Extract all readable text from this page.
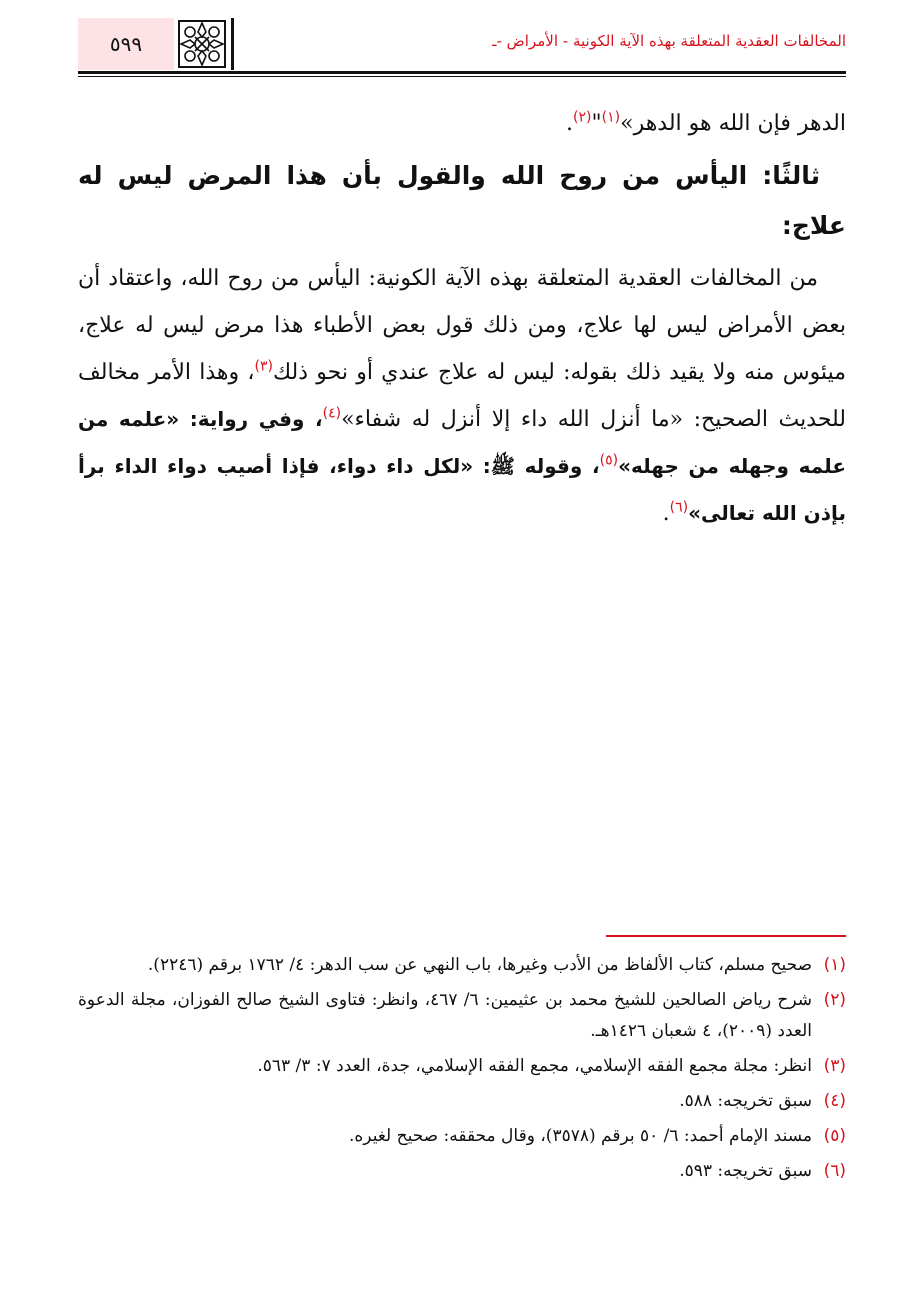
٥٩٩	المخالفات العقدية المتعلقة بهذه الآية الكونية - الأمراض -ـ

الدهر فإن الله هو الدهر»$^{(١)}$"$^{(٢)}$.

ثالثًا: اليأس من روح الله والقول بأن هذا المرض ليس له علاج:

من المخالفات العقدية المتعلقة بهذه الآية الكونية: اليأس من روح الله، واعتقاد أن بعض الأمراض ليس لها علاج، ومن ذلك قول بعض الأطباء هذا مرض ليس له علاج، ميئوس منه ولا يقيد ذلك بقوله: ليس له علاج عندي أو نحو ذلك$^{(٣)}$، وهذا الأمر مخالف للحديث الصحيح: «ما أنزل الله داء إلا أنزل له شفاء»$^{(٤)}$، وفي رواية: «علمه من علمه وجهله من جهله»$^{(٥)}$، وقوله ﷺ: «لكل داء دواء، فإذا أصيب دواء الداء برأ بإذن الله تعالى»$^{(٦)}$.

(١)
صحيح مسلم، كتاب الألفاظ من الأدب وغيرها، باب النهي عن سب الدهر: ٤/ ١٧٦٢ برقم (٢٢٤٦).
(٢)
شرح رياض الصالحين للشيخ محمد بن عثيمين: ٦/ ٤٦٧، وانظر: فتاوى الشيخ صالح الفوزان، مجلة الدعوة العدد (٢٠٠٩)، ٤ شعبان ١٤٢٦هـ.
(٣)
انظر: مجلة مجمع الفقه الإسلامي، مجمع الفقه الإسلامي، جدة، العدد ٧: ٣/ ٥٦٣.
(٤)
سبق تخريجه: ٥٨٨.
(٥)
مسند الإمام أحمد: ٦/ ٥٠ برقم (٣٥٧٨)، وقال محققه: صحيح لغيره.
(٦)
سبق تخريجه: ٥٩٣.
